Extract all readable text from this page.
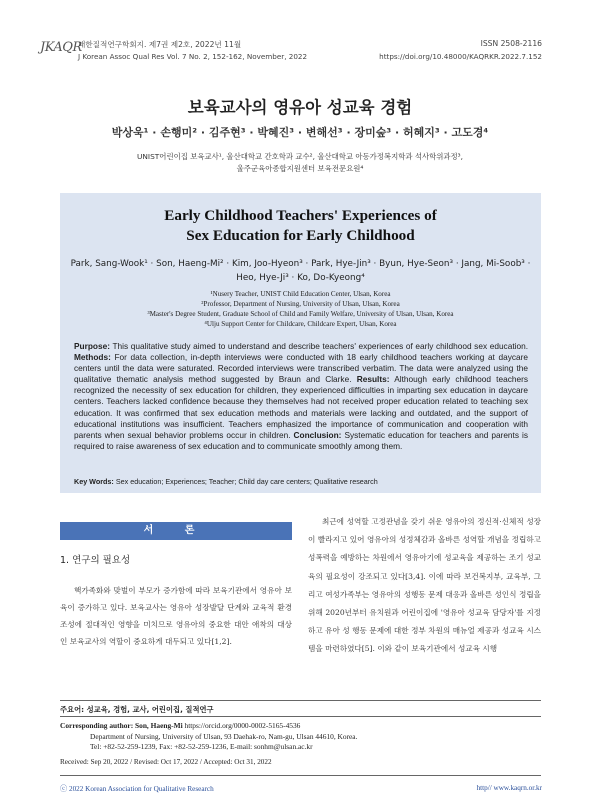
JKAQR
대한질적연구학회지. 제7권 제2호, 2022년 11월
J Korean Assoc Qual Res Vol. 7 No. 2, 152-162, November, 2022
ISSN 2508-2116
https://doi.org/10.48000/KAQRKR.2022.7.152
보육교사의 영유아 성교육 경험
박상욱¹ · 손행미² · 김주현³ · 박혜진³ · 변해선³ · 장미숲³ · 허혜지³ · 고도경⁴
UNIST어린이집 보육교사¹, 울산대학교 간호학과 교수², 울산대학교 아동가정복지학과 석사학위과정³,
울주군육아종합지원센터 보육전문요원⁴
Early Childhood Teachers' Experiences of
Sex Education for Early Childhood
Park, Sang-Wook¹ · Son, Haeng-Mi² · Kim, Joo-Hyeon³ · Park, Hye-Jin³ · Byun, Hye-Seon³ · Jang, Mi-Soob³ ·
Heo, Hye-Ji³ · Ko, Do-Kyeong⁴
¹Nusery Teacher, UNIST Child Education Center, Ulsan, Korea
²Professor, Department of Nursing, University of Ulsan, Ulsan, Korea
³Master's Degree Student, Graduate School of Child and Family Welfare, University of Ulsan, Ulsan, Korea
⁴Ulju Support Center for Childcare, Childcare Expert, Ulsan, Korea
Purpose: This qualitative study aimed to understand and describe teachers' experiences of early childhood sex education. Methods: For data collection, in-depth interviews were conducted with 18 early childhood teachers working at daycare centers until the data were saturated. Recorded interviews were transcribed verbatim. The data were analyzed using the qualitative thematic analysis method suggested by Braun and Clarke. Results: Although early childhood teachers recognized the necessity of sex education for children, they experienced difficulties in imparting sex education in daycare centers. Teachers lacked confidence because they themselves had not received proper education related to teaching sex education. It was confirmed that sex education methods and materials were lacking and outdated, and the support of educational institutions was insufficient. Teachers emphasized the importance of communication and cooperation with parents when sexual behavior problems occur in children. Conclusion: Systematic education for teachers and parents is required to raise awareness of sex education and to communicate smoothly among them.
Key Words: Sex education; Experiences; Teacher; Child day care centers; Qualitative research
서 론
1. 연구의 필요성
핵가족화와 맞벌이 부모가 증가함에 따라 보육기관에서 영유아 보육이 증가하고 있다. 보육교사는 영유아 성장발달 단계와 교육적 환경 조성에 절대적인 영향을 미치므로 영유아의 중요한 대안 애착의 대상인 보육교사의 역할이 중요하게 대두되고 있다[1,2].
최근에 성역할 고정관념을 갖기 쉬운 영유아의 정신적·신체적 성장이 빨라지고 있어 영유아의 성정체감과 올바른 성역할 개념을 정립하고 성폭력을 예방하는 차원에서 영유아기에 성교육을 제공하는 조기 성교육의 필요성이 강조되고 있다[3,4]. 이에 따라 보건복지부, 교육부, 그리고 여성가족부는 영유아의 성행동 문제 대응과 올바른 성인식 정립을 위해 2020년부터 유치원과 어린이집에 '영유아 성교육 담당자'를 지정하고 유아 성 행동 문제에 대한 정부 차원의 매뉴얼 제공과 성교육 시스템을 마련하였다[5]. 이와 같이 보육기관에서 성교육 시행
주요어: 성교육, 경험, 교사, 어린이집, 질적연구
Corresponding author: Son, Haeng-Mi https://orcid.org/0000-0002-5165-4536
Department of Nursing, University of Ulsan, 93 Daehak-ro, Nam-gu, Ulsan 44610, Korea.
Tel: +82-52-259-1239, Fax: +82-52-259-1236, E-mail: sonhm@ulsan.ac.kr
Received: Sep 20, 2022 / Revised: Oct 17, 2022 / Accepted: Oct 31, 2022
ⓒ 2022 Korean Association for Qualitative Research	http// www.kaqrn.or.kr
